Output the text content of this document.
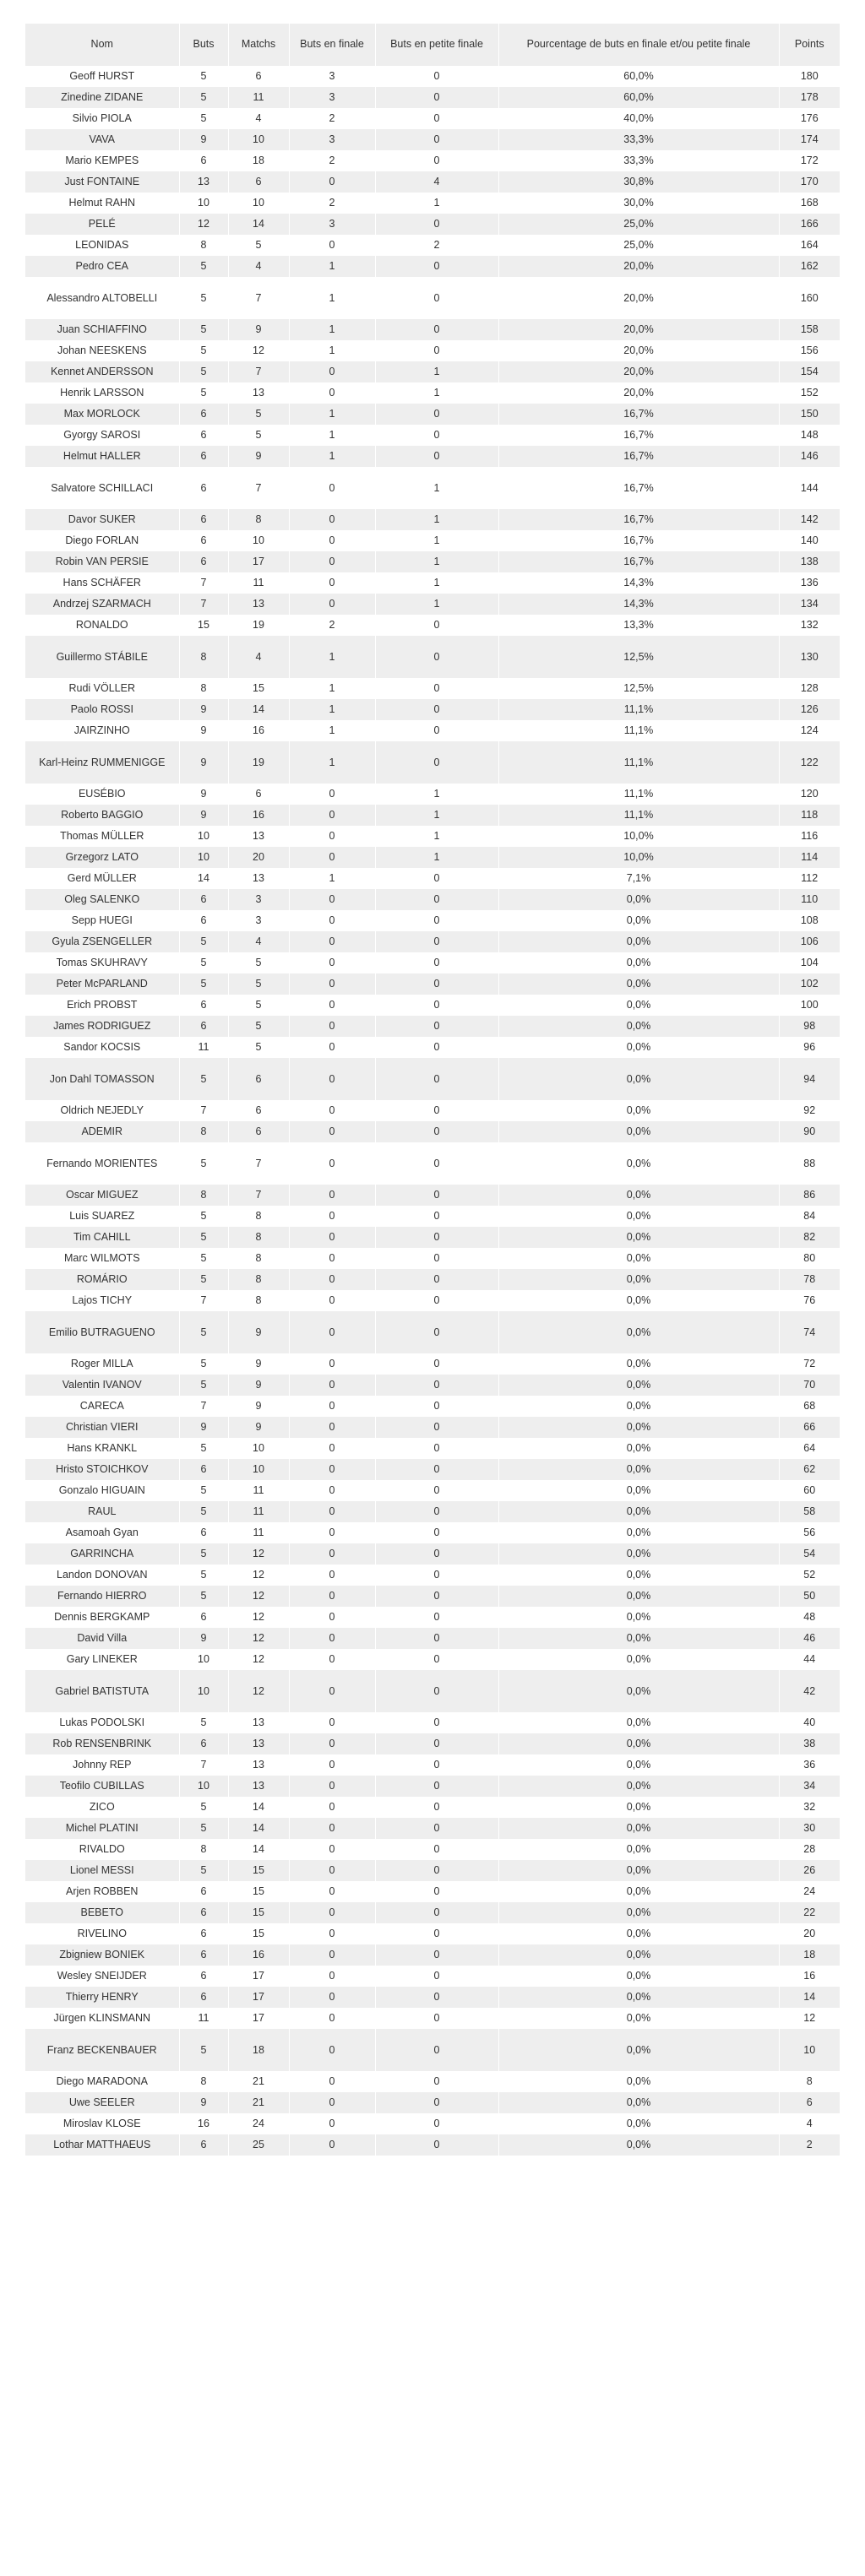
Nom	Buts	Matchs	Buts en finale	Buts en petite finale	Pourcentage de buts en finale et/ou petite finale	Points
Geoff HURST	5	6	3	0	60,0%	180
Zinedine ZIDANE	5	11	3	0	60,0%	178
Silvio PIOLA	5	4	2	0	40,0%	176
VAVA	9	10	3	0	33,3%	174
Mario KEMPES	6	18	2	0	33,3%	172
Just FONTAINE	13	6	0	4	30,8%	170
Helmut RAHN	10	10	2	1	30,0%	168
PELÉ	12	14	3	0	25,0%	166
LEONIDAS	8	5	0	2	25,0%	164
Pedro CEA	5	4	1	0	20,0%	162
Alessandro ALTOBELLI	5	7	1	0	20,0%	160
Juan SCHIAFFINO	5	9	1	0	20,0%	158
Johan NEESKENS	5	12	1	0	20,0%	156
Kennet ANDERSSON	5	7	0	1	20,0%	154
Henrik LARSSON	5	13	0	1	20,0%	152
Max MORLOCK	6	5	1	0	16,7%	150
Gyorgy SAROSI	6	5	1	0	16,7%	148
Helmut HALLER	6	9	1	0	16,7%	146
Salvatore SCHILLACI	6	7	0	1	16,7%	144
Davor SUKER	6	8	0	1	16,7%	142
Diego FORLAN	6	10	0	1	16,7%	140
Robin VAN PERSIE	6	17	0	1	16,7%	138
Hans SCHÄFER	7	11	0	1	14,3%	136
Andrzej SZARMACH	7	13	0	1	14,3%	134
RONALDO	15	19	2	0	13,3%	132
Guillermo STÁBILE	8	4	1	0	12,5%	130
Rudi VÖLLER	8	15	1	0	12,5%	128
Paolo ROSSI	9	14	1	0	11,1%	126
JAIRZINHO	9	16	1	0	11,1%	124
Karl-Heinz RUMMENIGGE	9	19	1	0	11,1%	122
EUSÉBIO	9	6	0	1	11,1%	120
Roberto BAGGIO	9	16	0	1	11,1%	118
Thomas MÜLLER	10	13	0	1	10,0%	116
Grzegorz LATO	10	20	0	1	10,0%	114
Gerd MÜLLER	14	13	1	0	7,1%	112
Oleg SALENKO	6	3	0	0	0,0%	110
Sepp HUEGI	6	3	0	0	0,0%	108
Gyula ZSENGELLER	5	4	0	0	0,0%	106
Tomas SKUHRAVY	5	5	0	0	0,0%	104
Peter McPARLAND	5	5	0	0	0,0%	102
Erich PROBST	6	5	0	0	0,0%	100
James RODRIGUEZ	6	5	0	0	0,0%	98
Sandor KOCSIS	11	5	0	0	0,0%	96
Jon Dahl TOMASSON	5	6	0	0	0,0%	94
Oldrich NEJEDLY	7	6	0	0	0,0%	92
ADEMIR	8	6	0	0	0,0%	90
Fernando MORIENTES	5	7	0	0	0,0%	88
Oscar MIGUEZ	8	7	0	0	0,0%	86
Luis SUAREZ	5	8	0	0	0,0%	84
Tim CAHILL	5	8	0	0	0,0%	82
Marc WILMOTS	5	8	0	0	0,0%	80
ROMÁRIO	5	8	0	0	0,0%	78
Lajos TICHY	7	8	0	0	0,0%	76
Emilio BUTRAGUENO	5	9	0	0	0,0%	74
Roger MILLA	5	9	0	0	0,0%	72
Valentin IVANOV	5	9	0	0	0,0%	70
CARECA	7	9	0	0	0,0%	68
Christian VIERI	9	9	0	0	0,0%	66
Hans KRANKL	5	10	0	0	0,0%	64
Hristo STOICHKOV	6	10	0	0	0,0%	62
Gonzalo HIGUAIN	5	11	0	0	0,0%	60
RAUL	5	11	0	0	0,0%	58
Asamoah Gyan	6	11	0	0	0,0%	56
GARRINCHA	5	12	0	0	0,0%	54
Landon DONOVAN	5	12	0	0	0,0%	52
Fernando HIERRO	5	12	0	0	0,0%	50
Dennis BERGKAMP	6	12	0	0	0,0%	48
David Villa	9	12	0	0	0,0%	46
Gary LINEKER	10	12	0	0	0,0%	44
Gabriel BATISTUTA	10	12	0	0	0,0%	42
Lukas PODOLSKI	5	13	0	0	0,0%	40
Rob RENSENBRINK	6	13	0	0	0,0%	38
Johnny REP	7	13	0	0	0,0%	36
Teofilo CUBILLAS	10	13	0	0	0,0%	34
ZICO	5	14	0	0	0,0%	32
Michel PLATINI	5	14	0	0	0,0%	30
RIVALDO	8	14	0	0	0,0%	28
Lionel MESSI	5	15	0	0	0,0%	26
Arjen ROBBEN	6	15	0	0	0,0%	24
BEBETO	6	15	0	0	0,0%	22
RIVELINO	6	15	0	0	0,0%	20
Zbigniew BONIEK	6	16	0	0	0,0%	18
Wesley SNEIJDER	6	17	0	0	0,0%	16
Thierry HENRY	6	17	0	0	0,0%	14
Jürgen KLINSMANN	11	17	0	0	0,0%	12
Franz BECKENBAUER	5	18	0	0	0,0%	10
Diego MARADONA	8	21	0	0	0,0%	8
Uwe SEELER	9	21	0	0	0,0%	6
Miroslav KLOSE	16	24	0	0	0,0%	4
Lothar MATTHAEUS	6	25	0	0	0,0%	2
